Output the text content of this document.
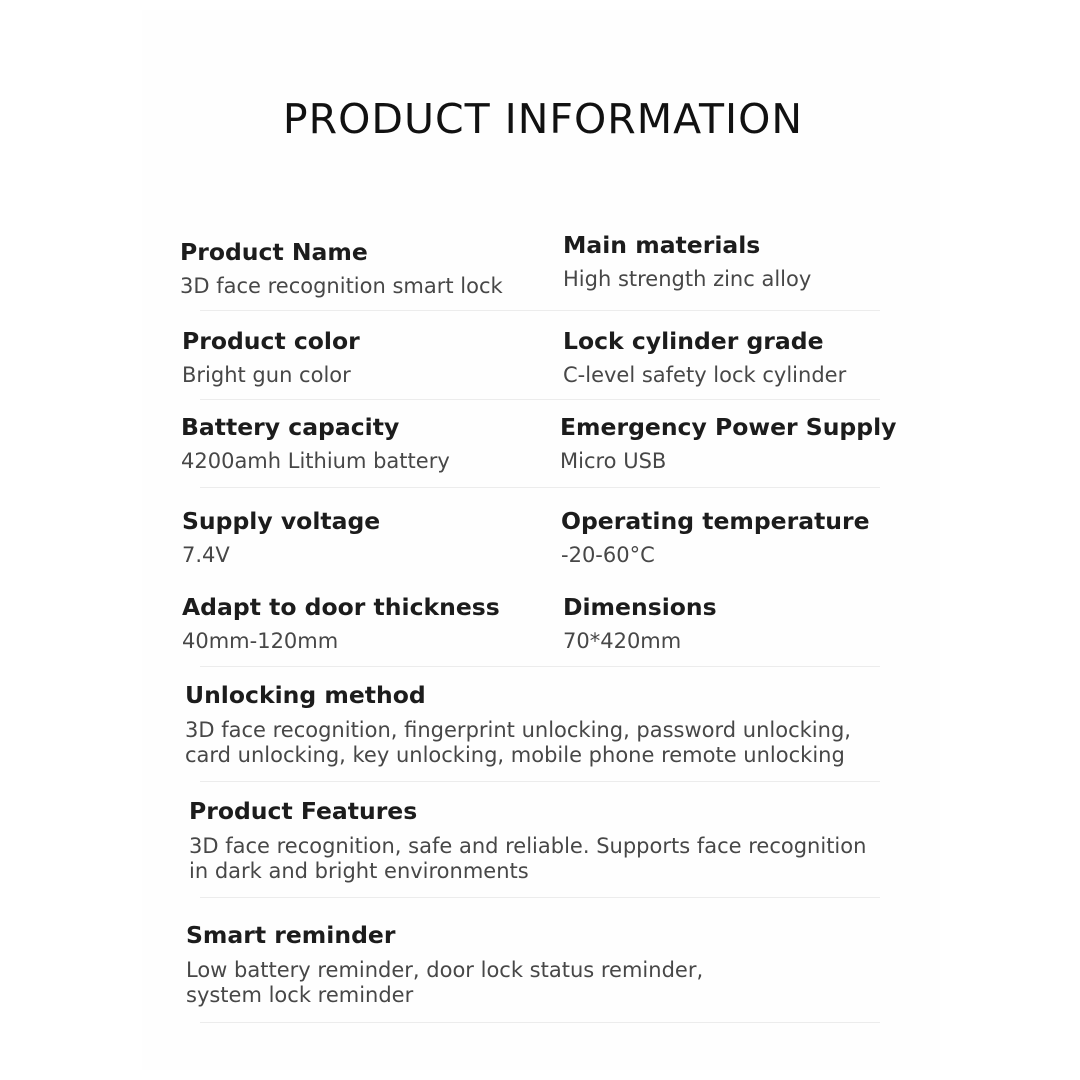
PRODUCT INFORMATION
Product Name
3D face recognition smart lock
Main materials
High strength zinc alloy
Product color
Bright gun color
Lock cylinder grade
C-level safety lock cylinder
Battery capacity
4200amh Lithium battery
Emergency Power Supply
Micro USB
Supply voltage
7.4V
Operating temperature
-20-60°C
Adapt to door thickness
40mm-120mm
Dimensions
70*420mm
Unlocking method
3D face recognition, fingerprint unlocking, password unlocking,
card unlocking, key unlocking, mobile phone remote unlocking
Product Features
3D face recognition, safe and reliable. Supports face recognition
in dark and bright environments
Smart reminder
Low battery reminder, door lock status reminder,
system lock reminder
